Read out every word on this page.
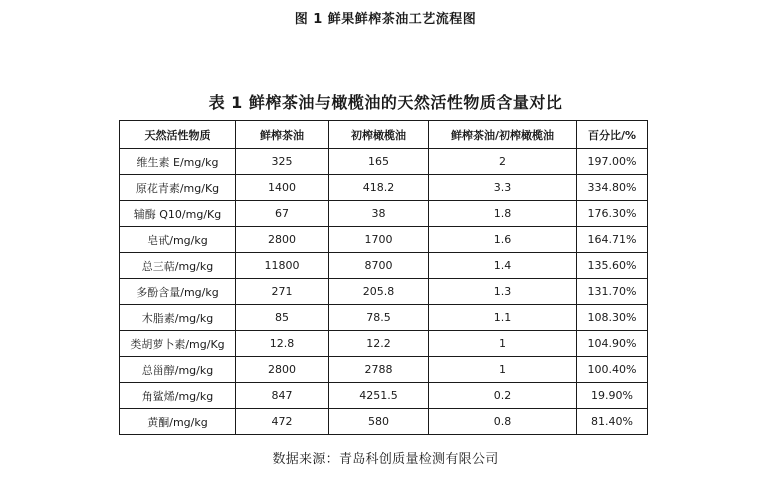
图 1 鲜果鲜榨茶油工艺流程图
表 1 鲜榨茶油与橄榄油的天然活性物质含量对比
天然活性物质	鲜榨茶油	初榨橄榄油	鲜榨茶油/初榨橄榄油	百分比/%
维生素 E/mg/kg	325	165	2	197.00%
原花青素/mg/Kg	1400	418.2	3.3	334.80%
辅酶 Q10/mg/Kg	67	38	1.8	176.30%
皂甙/mg/kg	2800	1700	1.6	164.71%
总三萜/mg/kg	11800	8700	1.4	135.60%
多酚含量/mg/kg	271	205.8	1.3	131.70%
木脂素/mg/kg	85	78.5	1.1	108.30%
类胡萝卜素/mg/Kg	12.8	12.2	1	104.90%
总甾醇/mg/kg	2800	2788	1	100.40%
角鲨烯/mg/kg	847	4251.5	0.2	19.90%
黄酮/mg/kg	472	580	0.8	81.40%
数据来源：青岛科创质量检测有限公司
